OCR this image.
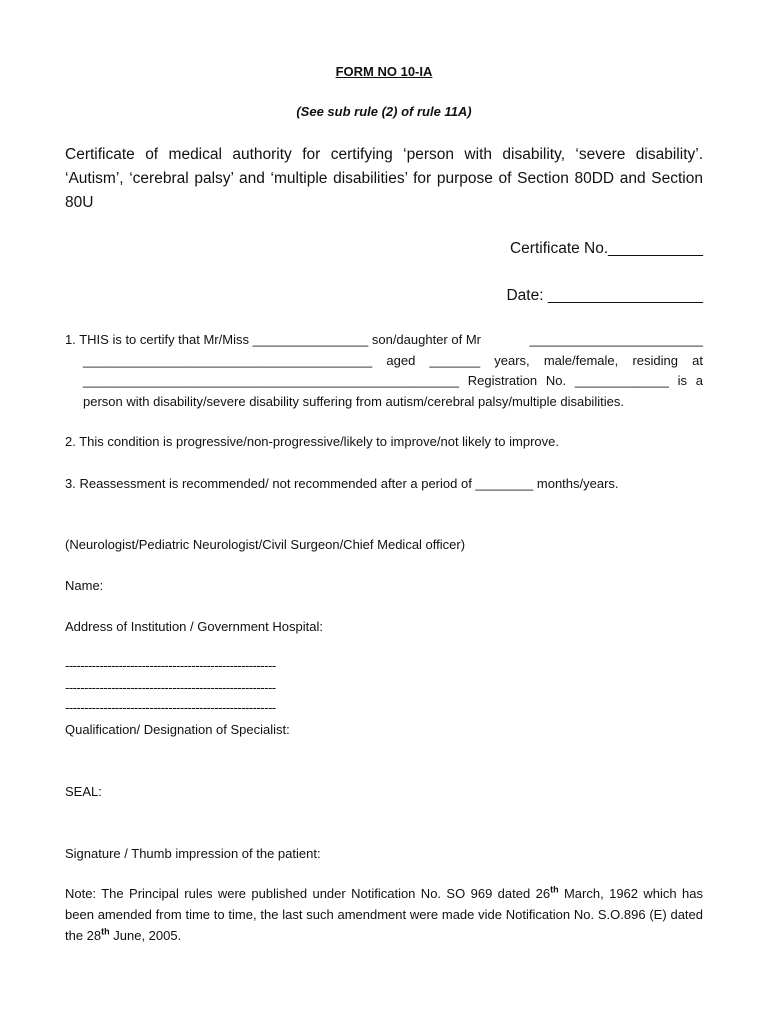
FORM NO 10-IA
(See sub rule (2) of rule 11A)
Certificate of medical authority for certifying ‘person with disability, ‘severe disability’. ‘Autism’, ‘cerebral palsy’ and ‘multiple disabilities’ for purpose of Section 80DD and Section 80U
Certificate No.___________
Date: __________________
1. THIS is to certify that Mr/Miss ________________ son/daughter of Mr	________________________
________________________________________ aged _______ years, male/female, residing at
____________________________________________________ Registration No. _____________ is a
person with disability/severe disability suffering from autism/cerebral palsy/multiple disabilities.
2. This condition is progressive/non-progressive/likely to improve/not likely to improve.
3. Reassessment is recommended/ not recommended after a period of ________ months/years.
(Neurologist/Pediatric Neurologist/Civil Surgeon/Chief Medical officer)
Name:
Address of Institution / Government Hospital:
-------------------------------------------------------
-------------------------------------------------------
-------------------------------------------------------
Qualification/ Designation of Specialist:
SEAL:
Signature / Thumb impression of the patient:
Note: The Principal rules were published under Notification No. SO 969 dated 26th March, 1962 which has been amended from time to time, the last such amendment were made vide Notification No. S.O.896 (E) dated the 28th June, 2005.
